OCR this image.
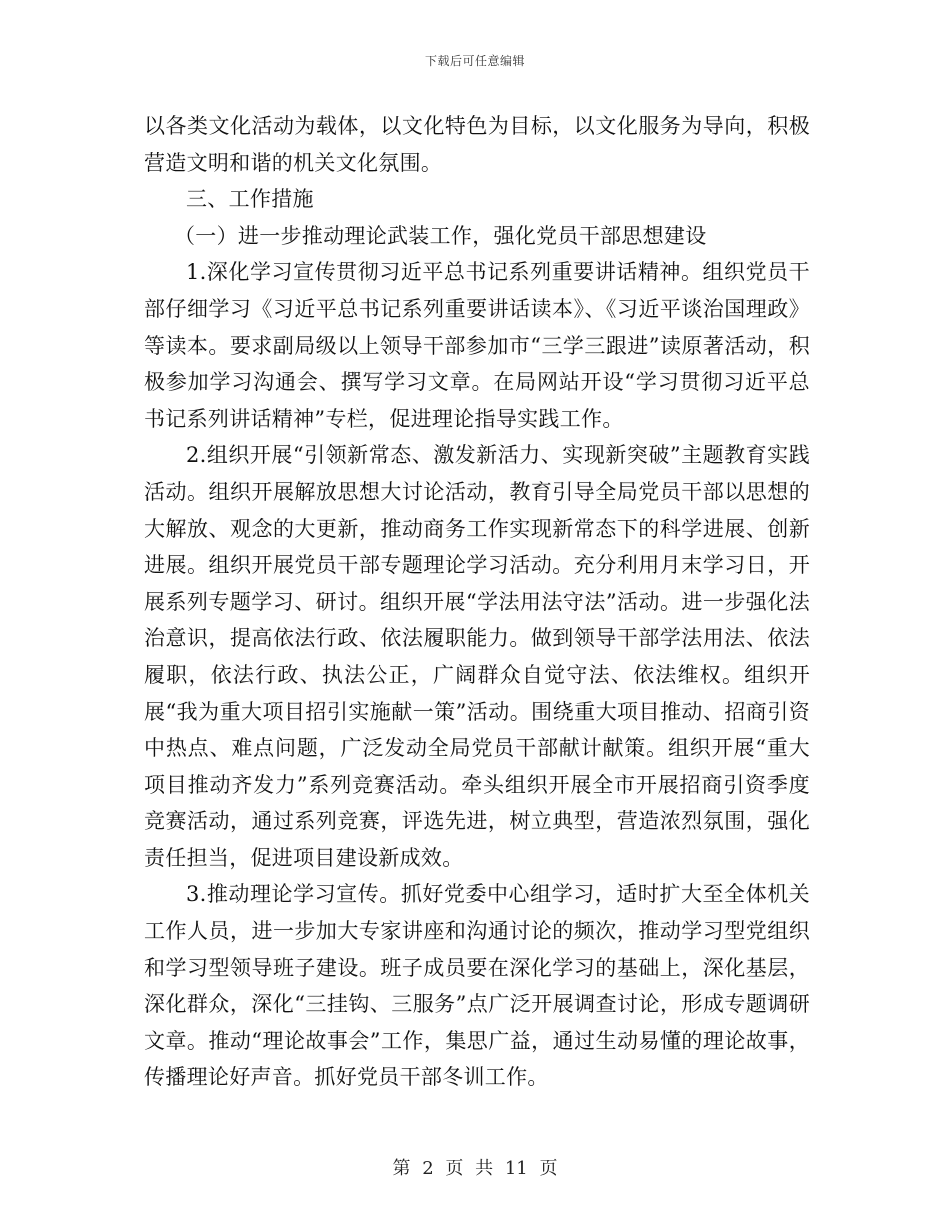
下载后可任意编辑

以各类文化活动为载体，以文化特色为目标，以文化服务为导向，积极营造文明和谐的机关文化氛围。

三、工作措施

（一）进一步推动理论武装工作，强化党员干部思想建设

1.深化学习宣传贯彻习近平总书记系列重要讲话精神。组织党员干部仔细学习《习近平总书记系列重要讲话读本》、《习近平谈治国理政》等读本。要求副局级以上领导干部参加市“三学三跟进”读原著活动，积极参加学习沟通会、撰写学习文章。在局网站开设“学习贯彻习近平总书记系列讲话精神”专栏，促进理论指导实践工作。

2.组织开展“引领新常态、激发新活力、实现新突破”主题教育实践活动。组织开展解放思想大讨论活动，教育引导全局党员干部以思想的大解放、观念的大更新，推动商务工作实现新常态下的科学进展、创新进展。组织开展党员干部专题理论学习活动。充分利用月末学习日，开展系列专题学习、研讨。组织开展“学法用法守法”活动。进一步强化法治意识，提高依法行政、依法履职能力。做到领导干部学法用法、依法履职，依法行政、执法公正，广阔群众自觉守法、依法维权。组织开展“我为重大项目招引实施献一策”活动。围绕重大项目推动、招商引资中热点、难点问题，广泛发动全局党员干部献计献策。组织开展“重大项目推动齐发力”系列竞赛活动。牵头组织开展全市开展招商引资季度竞赛活动，通过系列竞赛，评选先进，树立典型，营造浓烈氛围，强化责任担当，促进项目建设新成效。

3.推动理论学习宣传。抓好党委中心组学习，适时扩大至全体机关工作人员，进一步加大专家讲座和沟通讨论的频次，推动学习型党组织和学习型领导班子建设。班子成员要在深化学习的基础上，深化基层，深化群众，深化“三挂钩、三服务”点广泛开展调查讨论，形成专题调研文章。推动“理论故事会”工作，集思广益，通过生动易懂的理论故事，传播理论好声音。抓好党员干部冬训工作。

第 2 页 共 11 页
